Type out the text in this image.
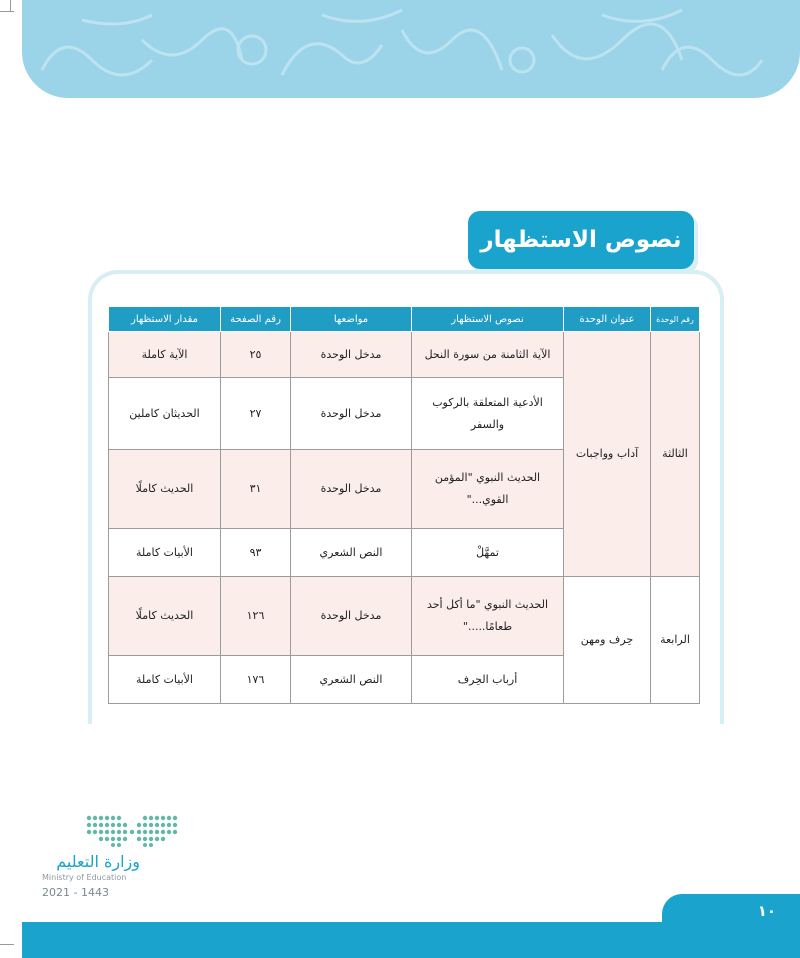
نصوص الاستظهار
رقم الوحدة	عنوان الوحدة	نصوص الاستظهار	مواضعها	رقم الصفحة	مقدار الاستظهار
الثالثة	آداب وواجبات	الآية الثامنة من سورة النحل	مدخل الوحدة	٢٥	الآية كاملة
		الأدعية المتعلقة بالركوب والسفر	مدخل الوحدة	٢٧	الحديثان كاملين
		الحديث النبوي "المؤمن القوي..."	مدخل الوحدة	٣١	الحديث كاملًا
		تمهَّلْ	النص الشعري	٩٣	الأبيات كاملة
الرابعة	حِرف ومهن	الحديث النبوي "ما أكل أحد طعامًا....."	مدخل الوحدة	١٢٦	الحديث كاملًا
		أرباب الحِرف	النص الشعري	١٧٦	الأبيات كاملة
وزارة التعليم
Ministry of Education
2021 - 1443
١٠
